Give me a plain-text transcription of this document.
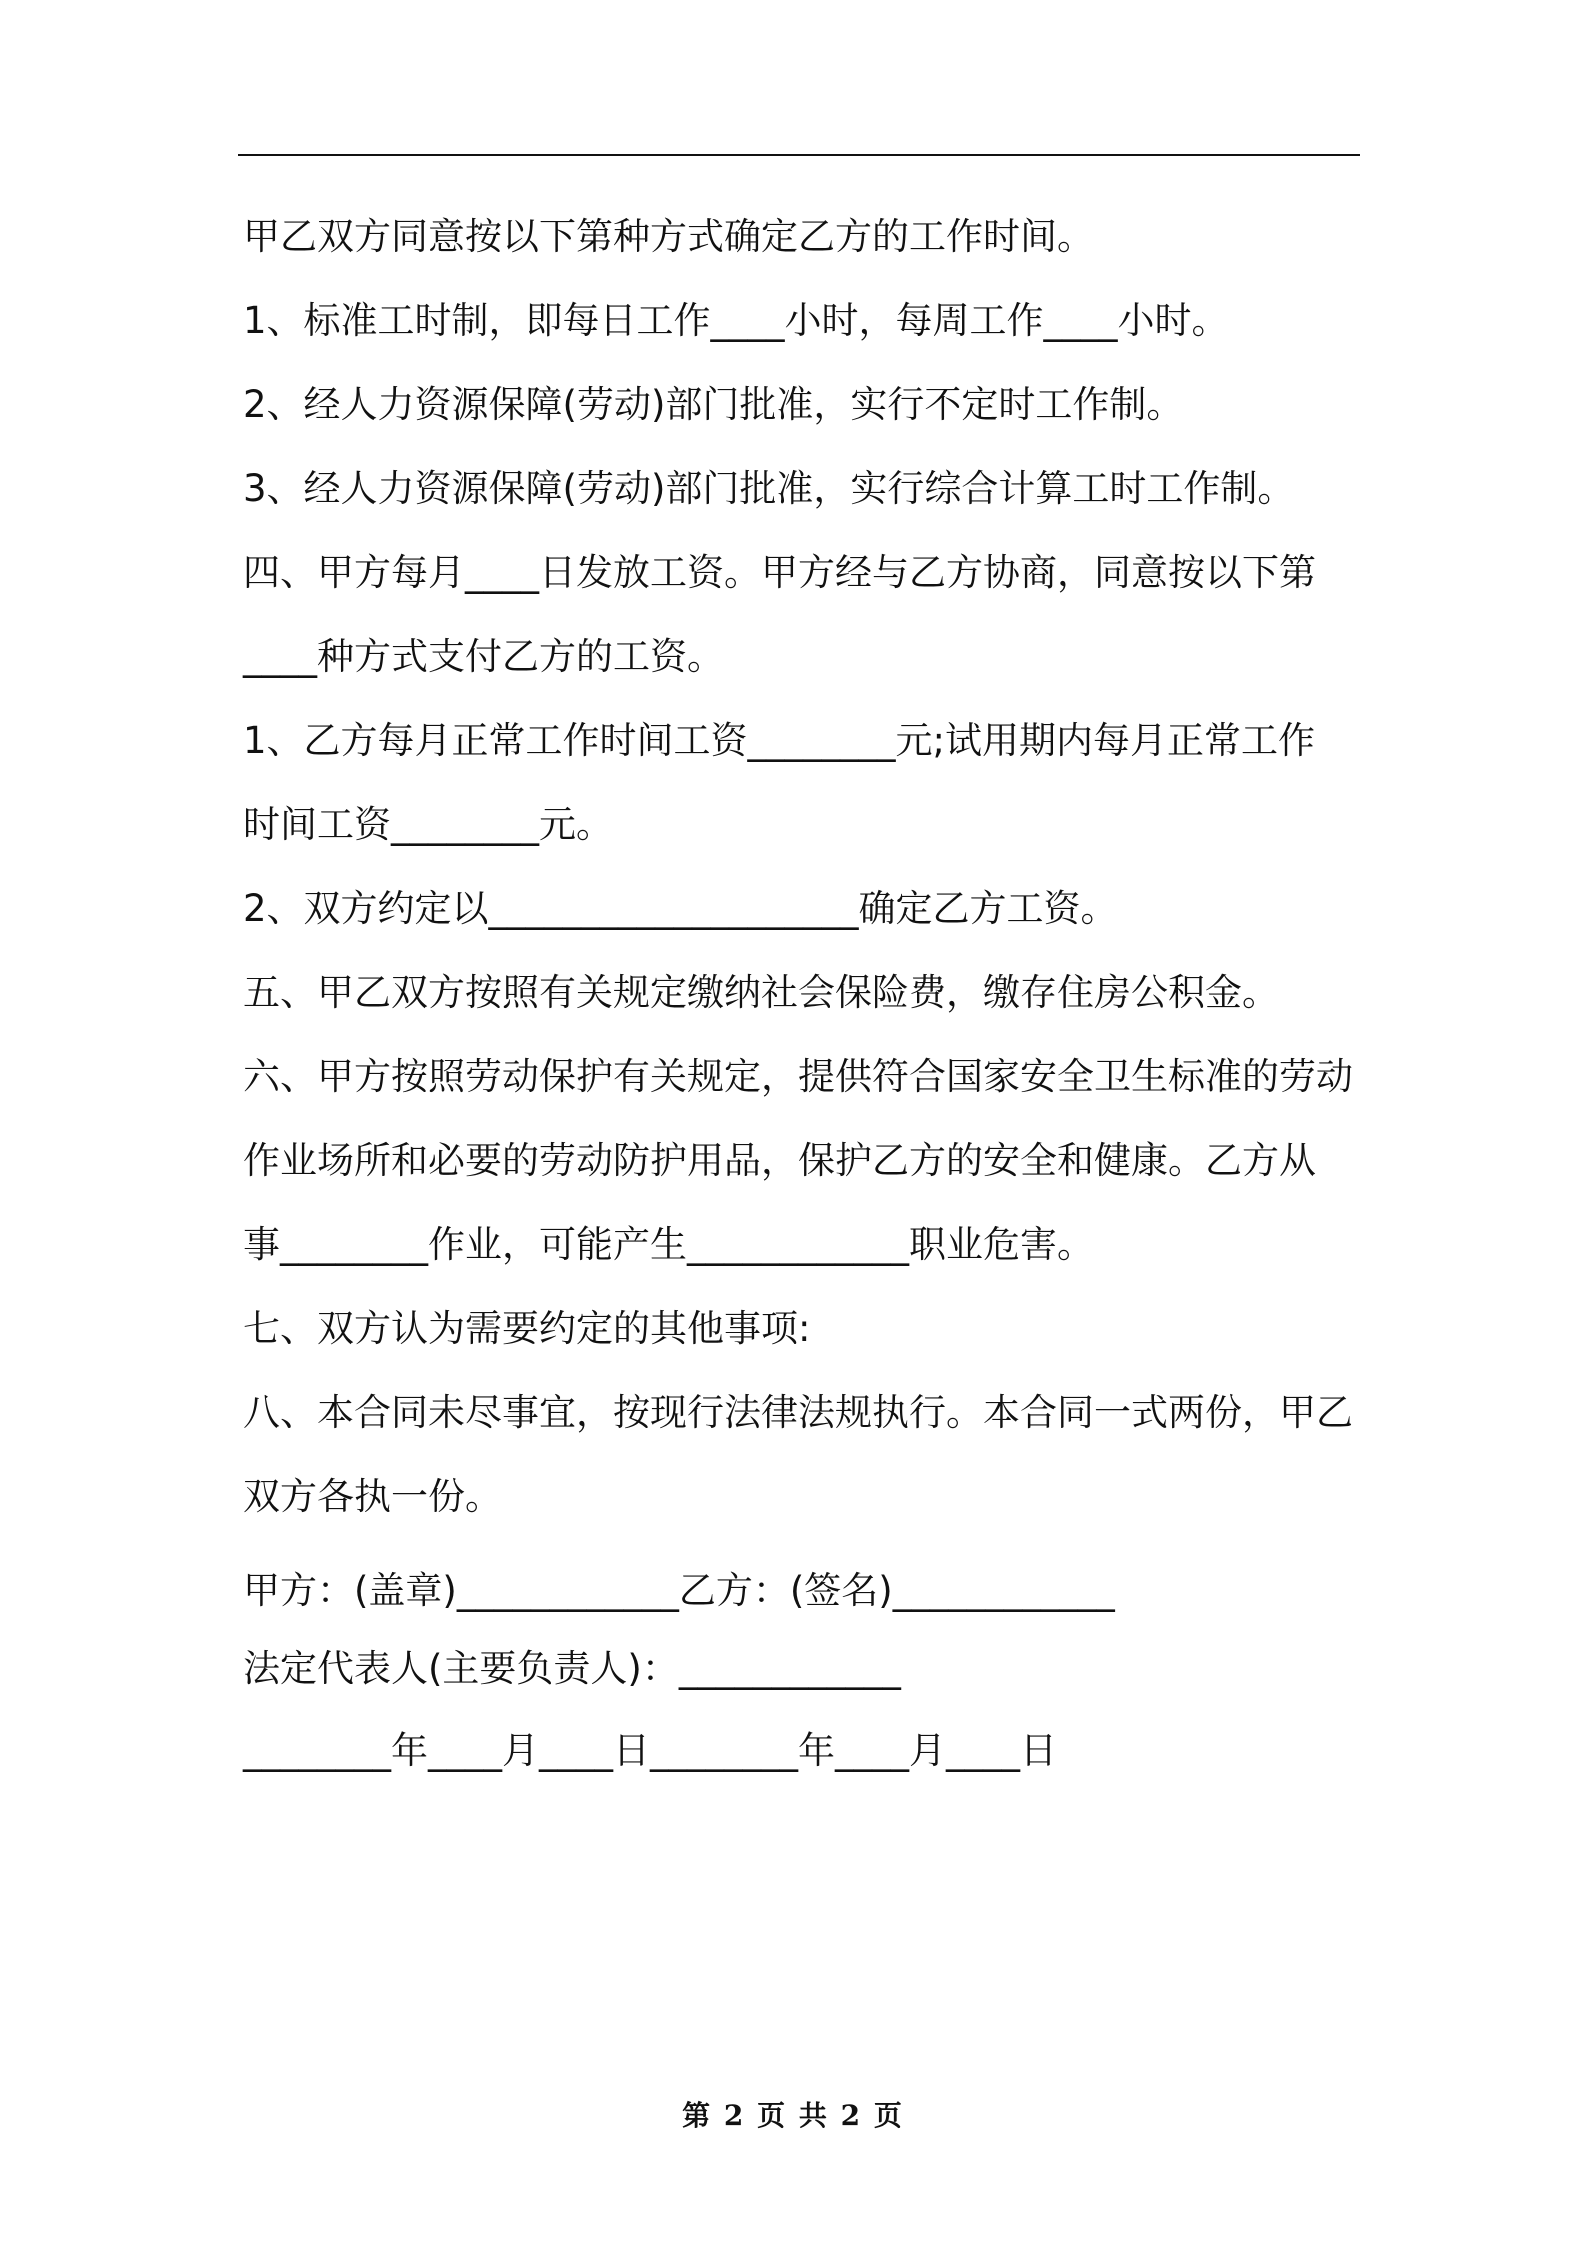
甲乙双方同意按以下第种方式确定乙方的工作时间。

1、标准工时制，即每日工作____小时，每周工作____小时。

2、经人力资源保障(劳动)部门批准，实行不定时工作制。

3、经人力资源保障(劳动)部门批准，实行综合计算工时工作制。

四、甲方每月____日发放工资。甲方经与乙方协商，同意按以下第

____种方式支付乙方的工资。

1、乙方每月正常工作时间工资________元;试用期内每月正常工作

时间工资________元。

2、双方约定以____________________确定乙方工资。

五、甲乙双方按照有关规定缴纳社会保险费，缴存住房公积金。

六、甲方按照劳动保护有关规定，提供符合国家安全卫生标准的劳动

作业场所和必要的劳动防护用品，保护乙方的安全和健康。乙方从

事________作业，可能产生____________职业危害。

七、双方认为需要约定的其他事项:

八、本合同未尽事宜，按现行法律法规执行。本合同一式两份，甲乙

双方各执一份。

甲方：(盖章)____________乙方：(签名)____________

法定代表人(主要负责人)：____________

________年____月____日________年____月____日

第 2 页 共 2 页
